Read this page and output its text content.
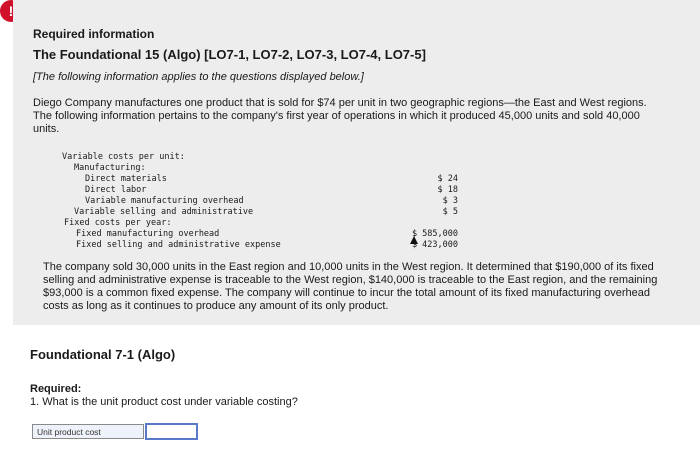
!
Required information
The Foundational 15 (Algo) [LO7-1, LO7-2, LO7-3, LO7-4, LO7-5]
[The following information applies to the questions displayed below.]
Diego Company manufactures one product that is sold for $74 per unit in two geographic regions—the East and West regions. The following information pertains to the company's first year of operations in which it produced 45,000 units and sold 40,000 units.
Variable costs per unit:
Manufacturing:
Direct materials	$ 24
Direct labor	$ 18
Variable manufacturing overhead	$ 3
Variable selling and administrative	$ 5
Fixed costs per year:
Fixed manufacturing overhead	$ 585,000
Fixed selling and administrative expense	$ 423,000
The company sold 30,000 units in the East region and 10,000 units in the West region. It determined that $190,000 of its fixed selling and administrative expense is traceable to the West region, $140,000 is traceable to the East region, and the remaining $93,000 is a common fixed expense. The company will continue to incur the total amount of its fixed manufacturing overhead costs as long as it continues to produce any amount of its only product.
Foundational 7-1 (Algo)
Required:
1. What is the unit product cost under variable costing?
Unit product cost
